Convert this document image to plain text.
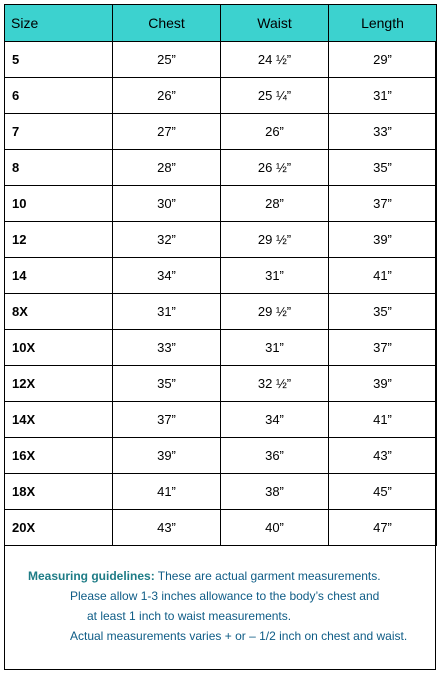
Size	Chest	Waist	Length
5	25”	24 ½”	29”
6	26”	25 ¼”	31”
7	27”	26”	33”
8	28”	26 ½”	35”
10	30”	28”	37”
12	32”	29 ½”	39”
14	34”	31”	41”
8X	31”	29 ½”	35”
10X	33”	31”	37”
12X	35”	32 ½”	39”
14X	37”	34”	41”
16X	39”	36”	43”
18X	41”	38”	45”
20X	43”	40”	47”
Measuring guidelines: These are actual garment measurements.
Please allow 1-3 inches allowance to the body’s chest and
at least 1 inch to waist measurements.
Actual measurements varies + or – 1/2 inch on chest and waist.
